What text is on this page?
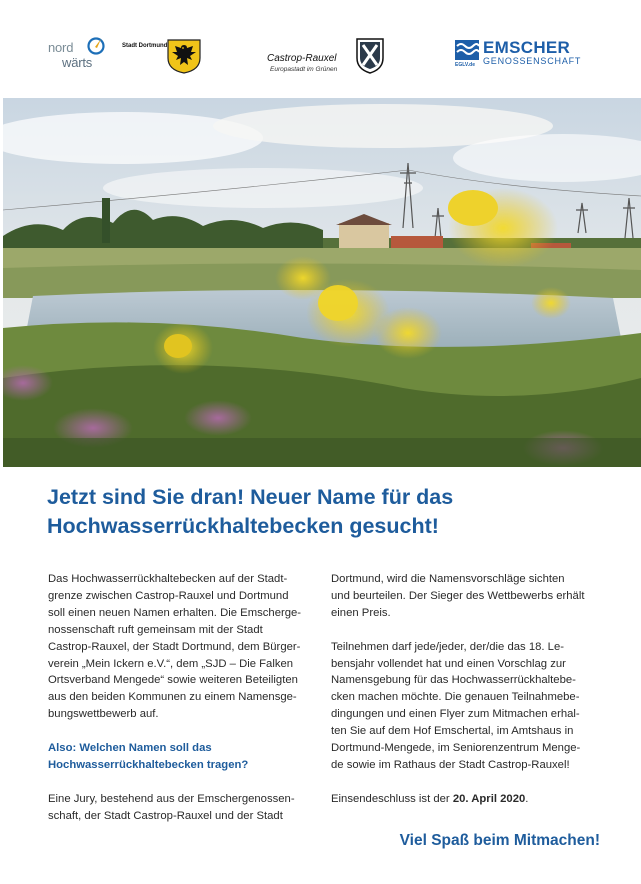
nord
wärts
Stadt Dortmund
Castrop-Rauxel
Europastadt im Grünen
EMSCHER
GENOSSENSCHAFT
EGLV.de
Jetzt sind Sie dran! Neuer Name für das
Hochwasserrückhaltebecken gesucht!

Das Hochwasserrückhaltebecken auf der Stadt-

grenze zwischen Castrop-Rauxel und Dortmund

soll einen neuen Namen erhalten. Die Emscherge-

nossenschaft ruft gemeinsam mit der Stadt

Castrop-Rauxel, der Stadt Dortmund, dem Bürger-

verein „Mein Ickern e.V.“, dem „SJD – Die Falken

Ortsverband Mengede“ sowie weiteren Beteiligten

aus den beiden Kommunen zu einem Namensge-

bungswettbewerb auf.

Also: Welchen Namen soll das

Hochwasserrückhaltebecken tragen?

Eine Jury, bestehend aus der Emschergenossen-

schaft, der Stadt Castrop-Rauxel und der Stadt

Dortmund, wird die Namensvorschläge sichten

und beurteilen. Der Sieger des Wettbewerbs erhält

einen Preis.

Teilnehmen darf jede/jeder, der/die das 18. Le-

bensjahr vollendet hat und einen Vorschlag zur

Namensgebung für das Hochwasserrückhaltebe-

cken machen möchte. Die genauen Teilnahmebe-

dingungen und einen Flyer zum Mitmachen erhal-

ten Sie auf dem Hof Emschertal, im Amtshaus in

Dortmund-Mengede, im Seniorenzentrum Menge-

de sowie im Rathaus der Stadt Castrop-Rauxel!

Einsendeschluss ist der 20. April 2020.

Viel Spaß beim Mitmachen!
